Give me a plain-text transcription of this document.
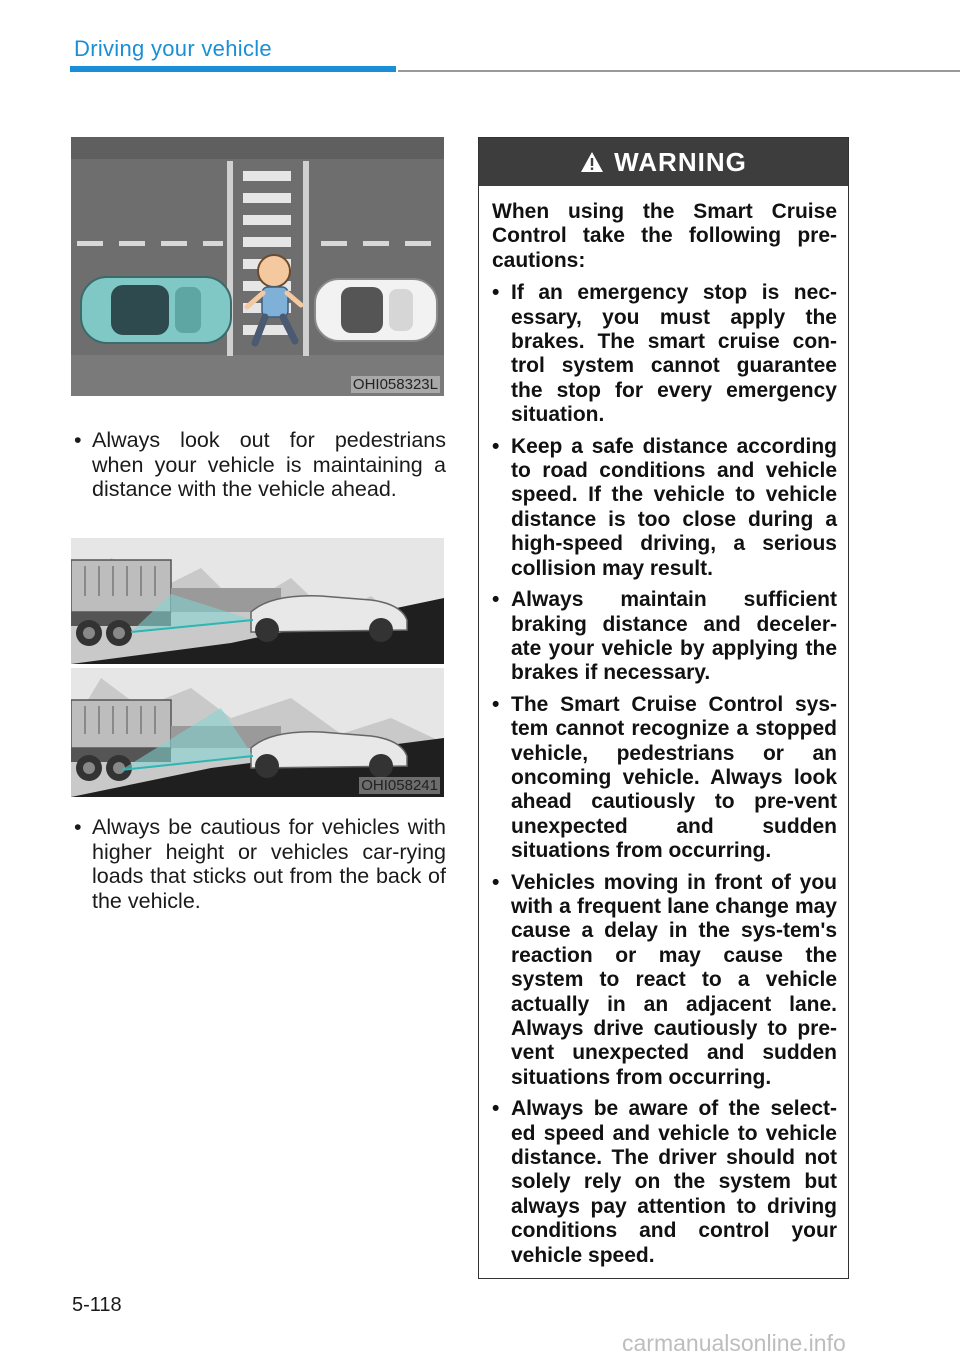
Driving your vehicle
OHI058323L
• Always look out for pedestrians when your vehicle is maintaining a distance with the vehicle ahead.
OHI058241
• Always be cautious for vehicles with higher height or vehicles car-rying loads that sticks out from the back of the vehicle.
WARNING
When using the Smart Cruise Control take the following pre-cautions:
• If an emergency stop is nec-essary, you must apply the brakes. The smart cruise con-trol system cannot guarantee the stop for every emergency situation.
• Keep a safe distance according to road conditions and vehicle speed. If the vehicle to vehicle distance is too close during a high-speed driving, a serious collision may result.
• Always maintain sufficient braking distance and deceler-ate your vehicle by applying the brakes if necessary.
• The Smart Cruise Control sys-tem cannot recognize a stopped vehicle, pedestrians or an oncoming vehicle. Always look ahead cautiously to pre-vent unexpected and sudden situations from occurring.
• Vehicles moving in front of you with a frequent lane change may cause a delay in the sys-tem's reaction or may cause the system to react to a vehicle actually in an adjacent lane. Always drive cautiously to pre-vent unexpected and sudden situations from occurring.
• Always be aware of the select-ed speed and vehicle to vehicle distance. The driver should not solely rely on the system but always pay attention to driving conditions and control your vehicle speed.
5-118
carmanualsonline.info
